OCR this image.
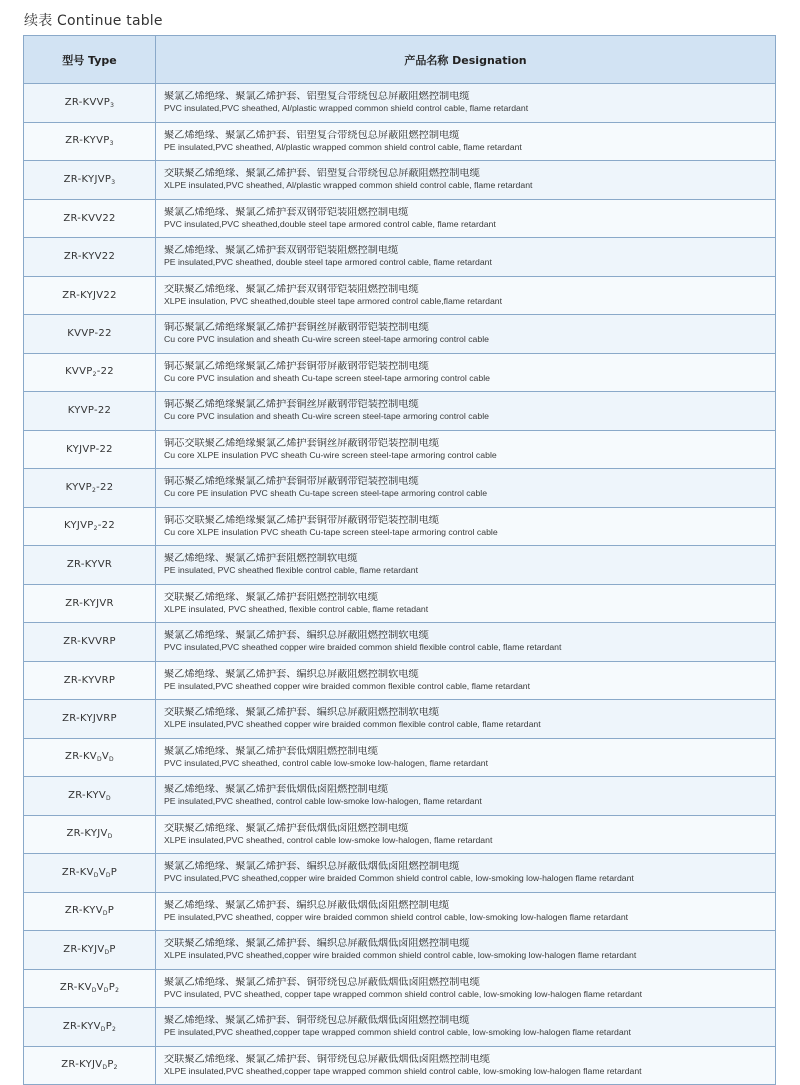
续表 Continue table
型号 Type	产品名称 Designation
$ZR-KVVP_3$	聚氯乙烯绝缘、聚氯乙烯护套、铝塑复合带绕包总屏蔽阻燃控制电缆
PVC insulated,PVC sheathed, Al/plastic wrapped common shield control cable, flame retardant

$ZR-KYVP_3$	聚乙烯绝缘、聚氯乙烯护套、铝塑复合带绕包总屏蔽阻燃控制电缆
PE insulated,PVC sheathed, Al/plastic wrapped common shield control cable, flame retardant

$ZR-KYJVP_3$	交联聚乙烯绝缘、聚氯乙烯护套、铝塑复合带绕包总屏蔽阻燃控制电缆
XLPE insulated,PVC sheathed, Al/plastic wrapped common shield control cable, flame retardant

ZR-KVV22	聚氯乙烯绝缘、聚氯乙烯护套双钢带铠装阻燃控制电缆
PVC insulated,PVC sheathed,double steel tape armored control cable, flame retardant

ZR-KYV22	聚乙烯绝缘、聚氯乙烯护套双钢带铠装阻燃控制电缆
PE insulated,PVC sheathed, double steel tape armored control cable, flame retardant

ZR-KYJV22	交联聚乙烯绝缘、聚氯乙烯护套双钢带铠装阻燃控制电缆
XLPE insulation, PVC sheathed,double steel tape armored control cable,flame retardant

KVVP-22	铜芯聚氯乙烯绝缘聚氯乙烯护套铜丝屏蔽钢带铠装控制电缆
Cu core PVC insulation and sheath Cu-wire screen steel-tape armoring control cable

$KVVP_2-22$	铜芯聚氯乙烯绝缘聚氯乙烯护套铜带屏蔽钢带铠装控制电缆
Cu core PVC insulation and sheath Cu-tape screen steel-tape armoring control cable

KYVP-22	铜芯聚乙烯绝缘聚氯乙烯护套铜丝屏蔽钢带铠装控制电缆
Cu core PVC insulation and sheath Cu-wire screen steel-tape armoring control cable

KYJVP-22	铜芯交联聚乙烯绝缘聚氯乙烯护套铜丝屏蔽钢带铠装控制电缆
Cu core XLPE insulation PVC sheath Cu-wire screen steel-tape armoring control cable

$KYVP_2-22$	铜芯聚乙烯绝缘聚氯乙烯护套铜带屏蔽钢带铠装控制电缆
Cu core PE insulation PVC sheath Cu-tape screen steel-tape armoring control cable

$KYJVP_2-22$	铜芯交联聚乙烯绝缘聚氯乙烯护套铜带屏蔽钢带铠装控制电缆
Cu core XLPE insulation PVC sheath Cu-tape screen steel-tape armoring control cable

ZR-KYVR	聚乙烯绝缘、聚氯乙烯护套阻燃控制软电缆
PE insulated, PVC sheathed flexible control cable, flame retardant

ZR-KYJVR	交联聚乙烯绝缘、聚氯乙烯护套阻燃控制软电缆
XLPE insulated, PVC sheathed, flexible control cable, flame retadant

ZR-KVVRP	聚氯乙烯绝缘、聚氯乙烯护套、编织总屏蔽阻燃控制软电缆
PVC insulated,PVC sheathed copper wire braided common shield flexible control cable, flame retardant

ZR-KYVRP	聚乙烯绝缘、聚氯乙烯护套、编织总屏蔽阻燃控制软电缆
PE insulated,PVC sheathed copper wire braided common flexible control cable, flame retardant

ZR-KYJVRP	交联聚乙烯绝缘、聚氯乙烯护套、编织总屏蔽阻燃控制软电缆
XLPE insulated,PVC sheathed copper wire braided common flexible control cable, flame retardant

$ZR-KV_DV_D$	聚氯乙烯绝缘、聚氯乙烯护套低烟阻燃控制电缆
PVC insulated,PVC sheathed, control cable low-smoke low-halogen, flame retardant

$ZR-KYV_D$	聚乙烯绝缘、聚氯乙烯护套低烟低卤阻燃控制电缆
PE insulated,PVC sheathed, control cable low-smoke low-halogen, flame retardant

$ZR-KYJV_D$	交联聚乙烯绝缘、聚氯乙烯护套低烟低卤阻燃控制电缆
XLPE insulated,PVC sheathed, control cable low-smoke low-halogen, flame retardant

$ZR-KV_DV_DP$	聚氯乙烯绝缘、聚氯乙烯护套、编织总屏蔽低烟低卤阻燃控制电缆
PVC insulated,PVC sheathed,copper wire braided Common shield control cable, low-smoking low-halogen flame retardant

$ZR-KYV_DP$	聚乙烯绝缘、聚氯乙烯护套、编织总屏蔽低烟低卤阻燃控制电缆
PE insulated,PVC sheathed, copper wire braided common shield control cable, low-smoking low-halogen flame retardant

$ZR-KYJV_DP$	交联聚乙烯绝缘、聚氯乙烯护套、编织总屏蔽低烟低卤阻燃控制电缆
XLPE insulated,PVC sheathed,copper wire braided common shield control cable, low-smoking low-halogen flame retardant

$ZR-KV_DV_DP_2$	聚氯乙烯绝缘、聚氯乙烯护套、铜带绕包总屏蔽低烟低卤阻燃控制电缆
PVC insulated, PVC sheathed, copper tape wrapped common shield control cable, low-smoking low-halogen flame retardant

$ZR-KYV_DP_2$	聚乙烯绝缘、聚氯乙烯护套、铜带绕包总屏蔽低烟低卤阻燃控制电缆
PE insulated,PVC sheathed,copper tape wrapped common shield control cable, low-smoking low-halogen flame retardant

$ZR-KYJV_DP_2$	交联聚乙烯绝缘、聚氯乙烯护套、铜带绕包总屏蔽低烟低卤阻燃控制电缆
XLPE insulated,PVC sheathed,copper tape wrapped common shield control cable, low-smoking low-halogen flame retardant
